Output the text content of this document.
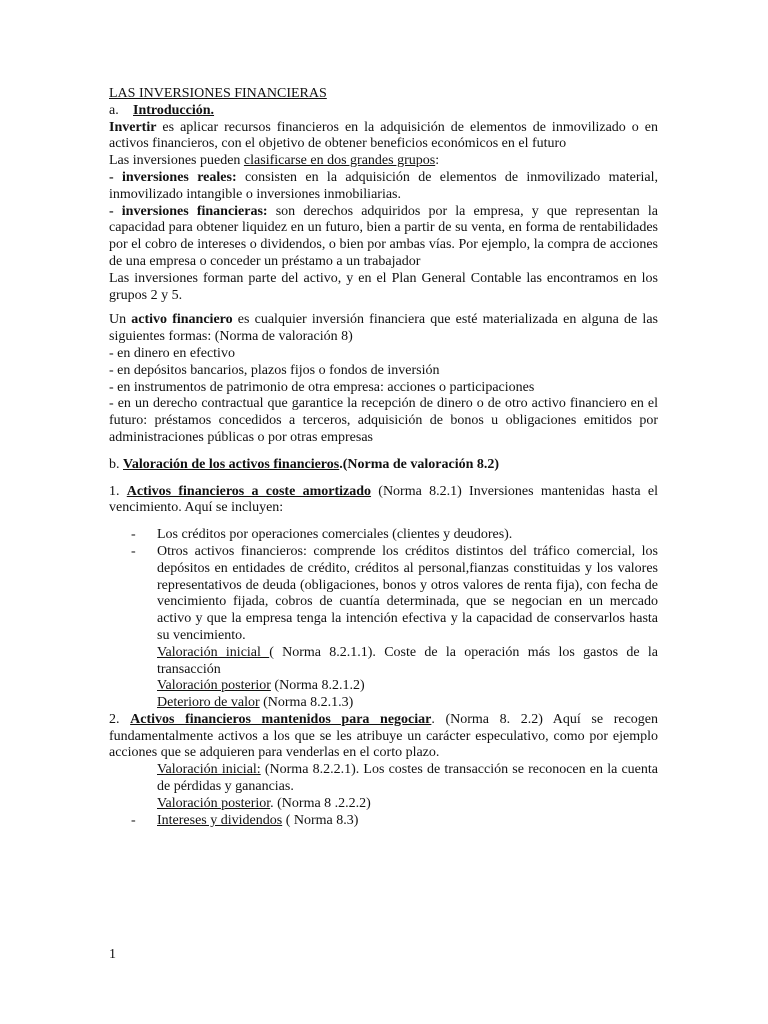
LAS INVERSIONES FINANCIERAS

a. Introducción.

Invertir es aplicar recursos financieros en la adquisición de elementos de inmovilizado o en activos financieros, con el objetivo de obtener beneficios económicos en el futuro

Las inversiones pueden clasificarse en dos grandes grupos:

- inversiones reales: consisten en la adquisición de elementos de inmovilizado material, inmovilizado intangible o inversiones inmobiliarias.

- inversiones financieras: son derechos adquiridos por la empresa, y que representan la capacidad para obtener liquidez en un futuro, bien a partir de su venta, en forma de rentabilidades por el cobro de intereses o dividendos, o bien por ambas vías. Por ejemplo, la compra de acciones de una empresa o conceder un préstamo a un trabajador

Las inversiones forman parte del activo, y en el Plan General Contable las encontramos en los grupos 2 y 5.

Un activo financiero es cualquier inversión financiera que esté materializada en alguna de las siguientes formas: (Norma de valoración 8)

- en dinero en efectivo
- en depósitos bancarios, plazos fijos o fondos de inversión
- en instrumentos de patrimonio de otra empresa: acciones o participaciones
- en un derecho contractual que garantice la recepción de dinero o de otro activo financiero en el futuro: préstamos concedidos a terceros, adquisición de bonos u obligaciones emitidos por administraciones públicas o por otras empresas

b. Valoración de los activos financieros.(Norma de valoración 8.2)

1. Activos financieros a coste amortizado (Norma 8.2.1) Inversiones mantenidas hasta el vencimiento. Aquí se incluyen:

- Los créditos por operaciones comerciales (clientes y deudores).
- Otros activos financieros: comprende los créditos distintos del tráfico comercial, los depósitos en entidades de crédito, créditos al personal,fianzas constituidas y los valores representativos de deuda (obligaciones, bonos y otros valores de renta fija), con fecha de vencimiento fijada, cobros de cuantía determinada, que se negocian en un mercado activo y que la empresa tenga la intención efectiva y la capacidad de conservarlos hasta su vencimiento.

Valoración inicial ( Norma 8.2.1.1). Coste de la operación más los gastos de la transacción

Valoración posterior (Norma 8.2.1.2)

Deterioro de valor (Norma 8.2.1.3)

2. Activos financieros mantenidos para negociar. (Norma 8. 2.2) Aquí se recogen fundamentalmente activos a los que se les atribuye un carácter especulativo, como por ejemplo acciones que se adquieren para venderlas en el corto plazo.

Valoración inicial: (Norma 8.2.2.1). Los costes de transacción se reconocen en la cuenta de pérdidas y ganancias.

Valoración posterior. (Norma 8 .2.2.2)

- Intereses y dividendos ( Norma 8.3)
1
